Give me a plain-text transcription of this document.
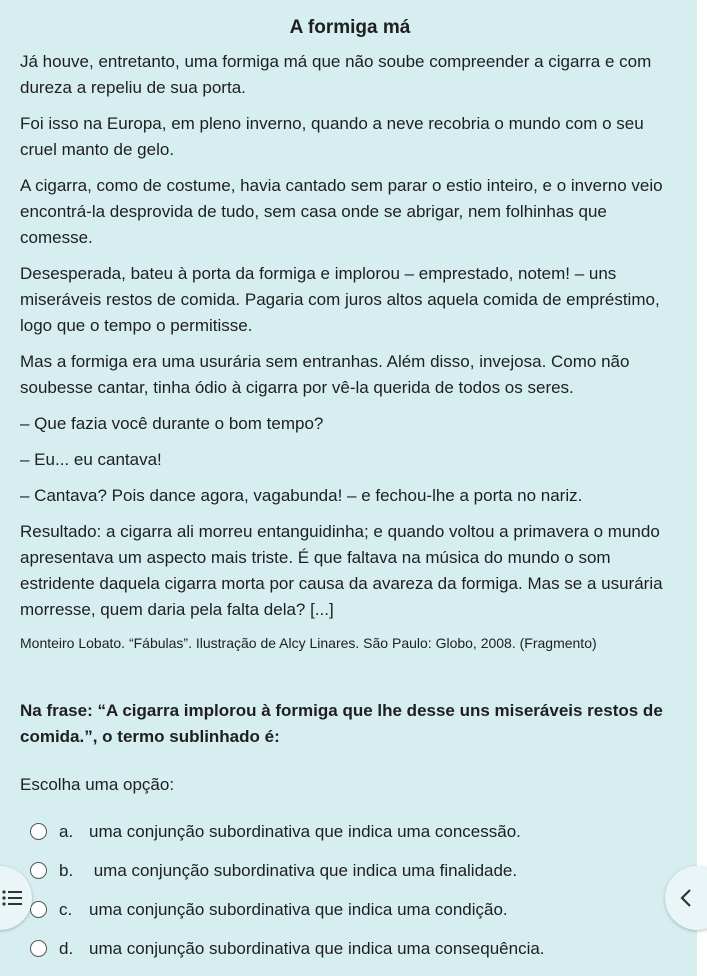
A formiga má

Já houve, entretanto, uma formiga má que não soube compreender a cigarra e com dureza a repeliu de sua porta.

Foi isso na Europa, em pleno inverno, quando a neve recobria o mundo com o seu cruel manto de gelo.

A cigarra, como de costume, havia cantado sem parar o estio inteiro, e o inverno veio encontrá-la desprovida de tudo, sem casa onde se abrigar, nem folhinhas que comesse.

Desesperada, bateu à porta da formiga e implorou – emprestado, notem! – uns miseráveis restos de comida. Pagaria com juros altos aquela comida de empréstimo, logo que o tempo o permitisse.

Mas a formiga era uma usurária sem entranhas. Além disso, invejosa. Como não soubesse cantar, tinha ódio à cigarra por vê-la querida de todos os seres.

– Que fazia você durante o bom tempo?

– Eu... eu cantava!

– Cantava? Pois dance agora, vagabunda! – e fechou-lhe a porta no nariz.

Resultado: a cigarra ali morreu entanguidinha; e quando voltou a primavera o mundo apresentava um aspecto mais triste. É que faltava na música do mundo o som estridente daquela cigarra morta por causa da avareza da formiga. Mas se a usurária morresse, quem daria pela falta dela? [...]

Monteiro Lobato. “Fábulas”. Ilustração de Alcy Linares. São Paulo: Globo, 2008. (Fragmento)

Na frase: “A cigarra implorou à formiga que lhe desse uns miseráveis restos de comida.”, o termo sublinhado é:
Escolha uma opção:
a. uma conjunção subordinativa que indica uma concessão.
b. uma conjunção subordinativa que indica uma finalidade.
c. uma conjunção subordinativa que indica uma condição.
d. uma conjunção subordinativa que indica uma consequência.
